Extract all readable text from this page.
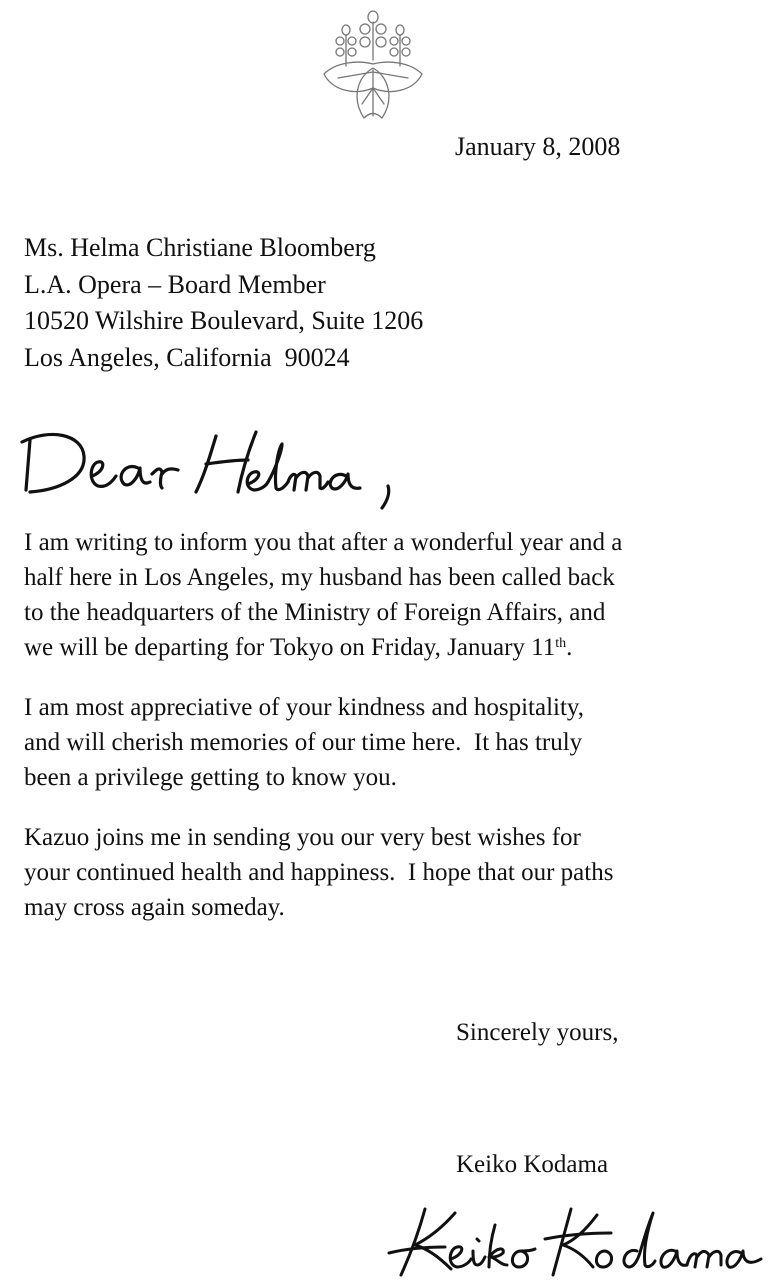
January 8, 2008
Ms. Helma Christiane Bloomberg
L.A. Opera – Board Member
10520 Wilshire Boulevard, Suite 1206
Los Angeles, California  90024
I am writing to inform you that after a wonderful year and a
half here in Los Angeles, my husband has been called back
to the headquarters of the Ministry of Foreign Affairs, and
we will be departing for Tokyo on Friday, January 11th.
I am most appreciative of your kindness and hospitality,
and will cherish memories of our time here.  It has truly
been a privilege getting to know you.
Kazuo joins me in sending you our very best wishes for
your continued health and happiness.  I hope that our paths
may cross again someday.
Sincerely yours,
Keiko Kodama
